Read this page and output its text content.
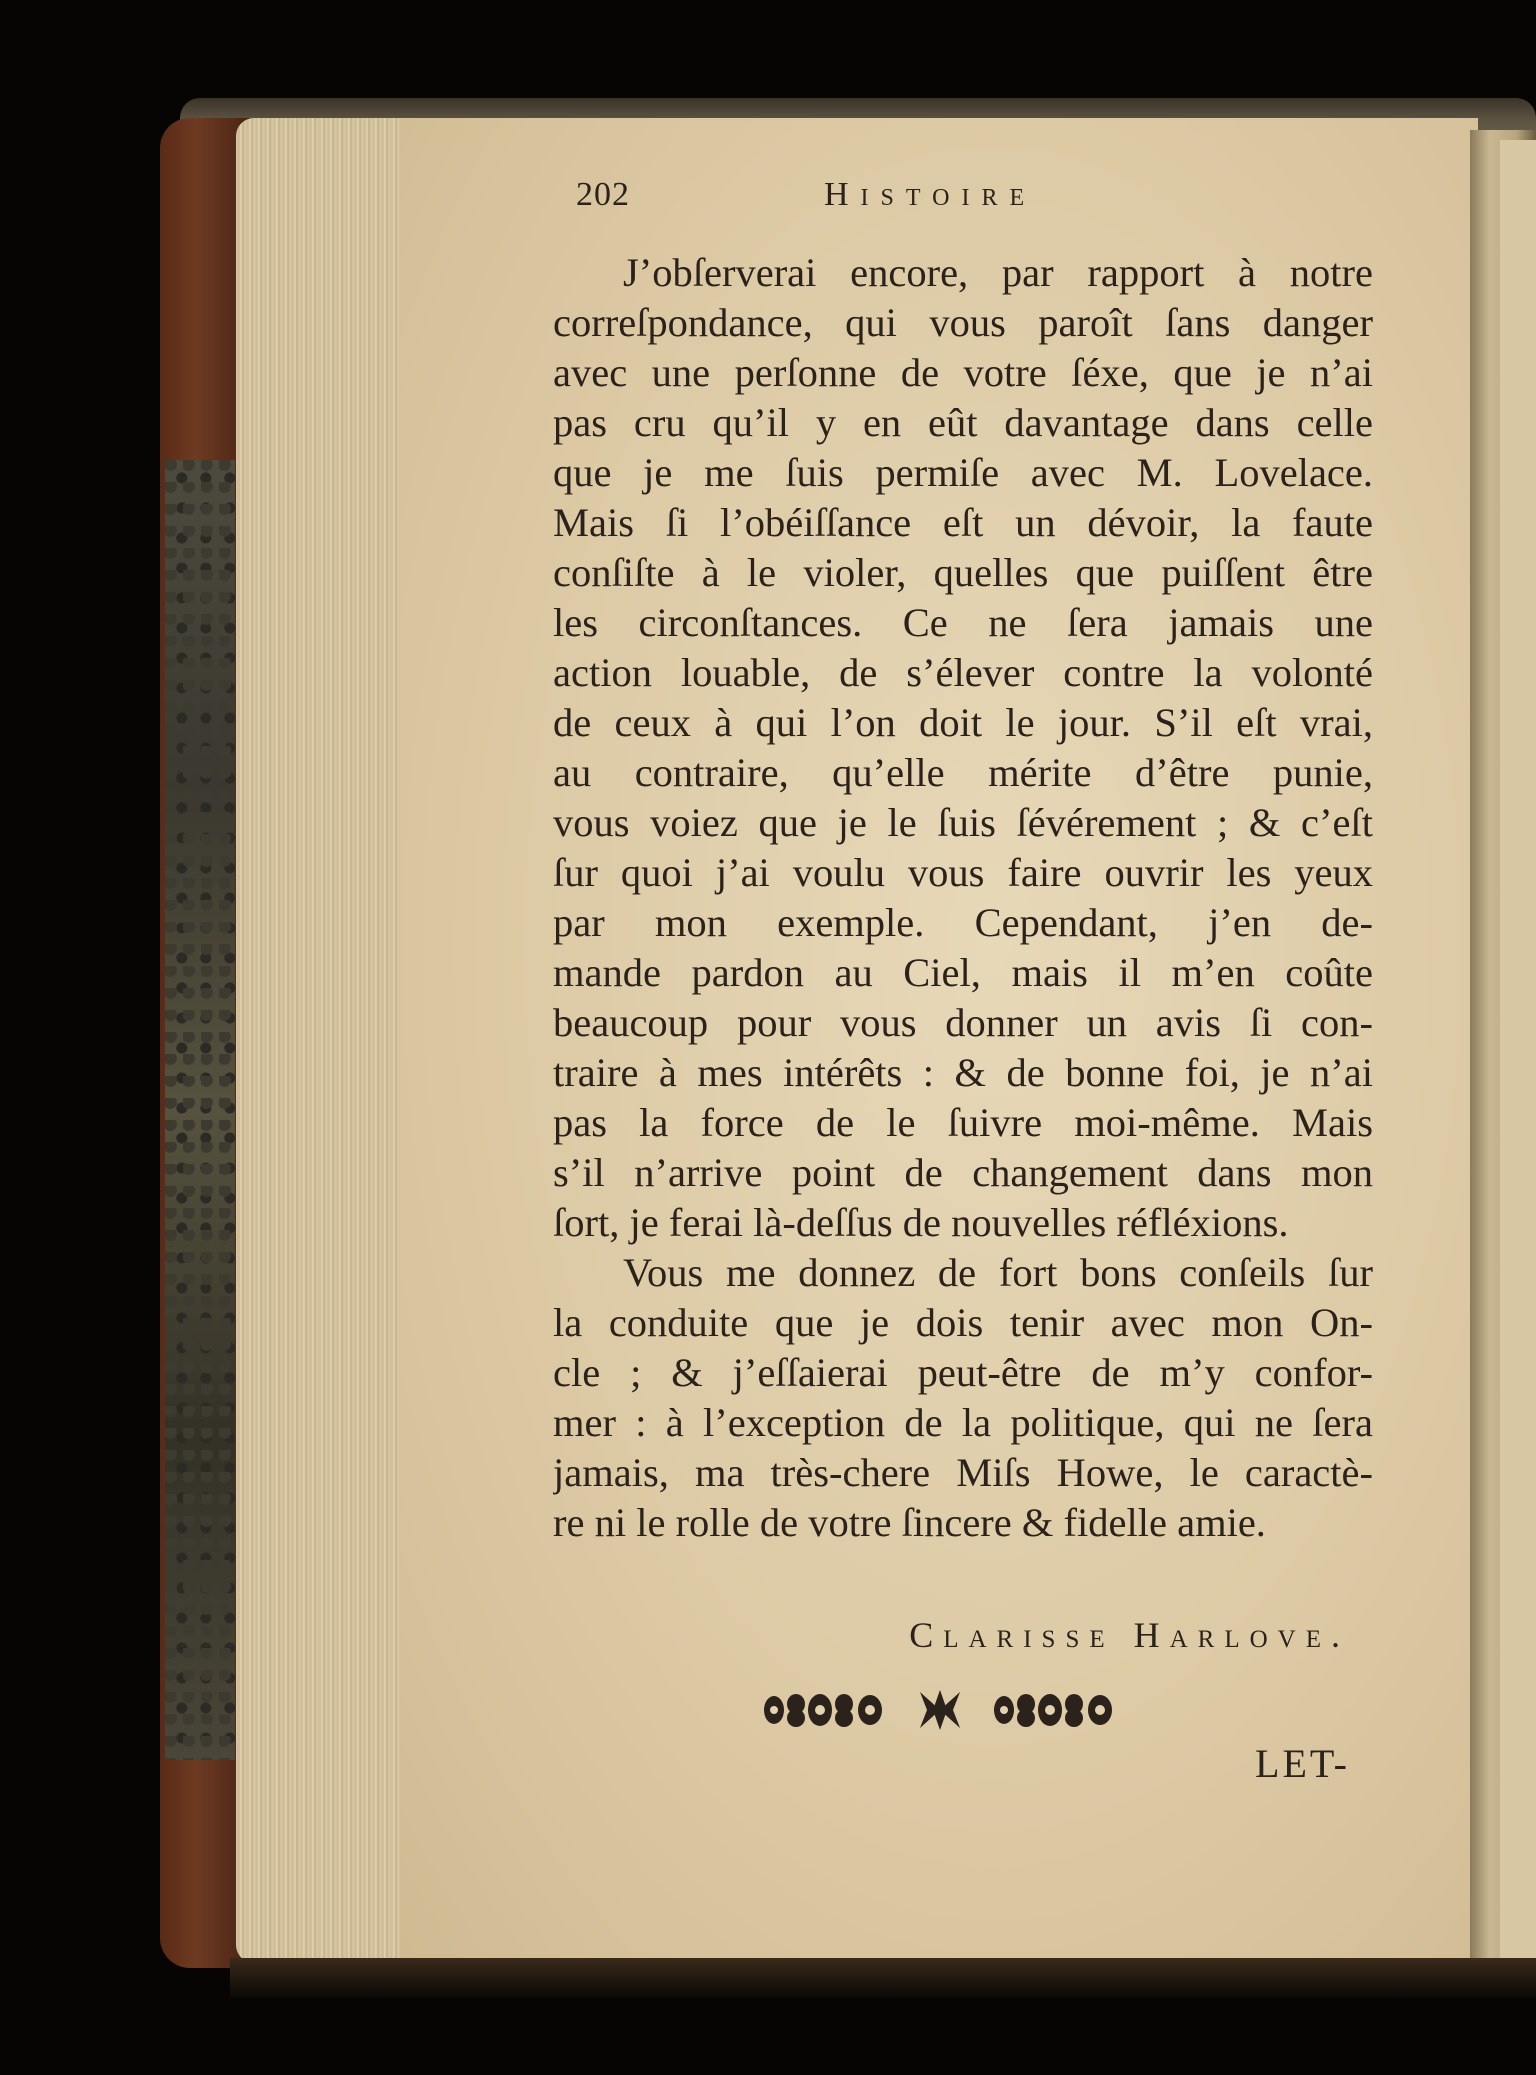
202	Histoire
J’obſerverai encore, par rapport à notre
correſpondance, qui vous paroît ſans danger
avec une perſonne de votre ſéxe, que je n’ai
pas cru qu’il y en eût davantage dans celle
que je me ſuis permiſe avec M. Lovelace.
Mais ſi l’obéiſſance eſt un dévoir, la faute
conſiſte à le violer, quelles que puiſſent être
les circonſtances. Ce ne ſera jamais une
action louable, de s’élever contre la volonté
de ceux à qui l’on doit le jour. S’il eſt vrai,
au contraire, qu’elle mérite d’être punie,
vous voiez que je le ſuis ſévérement ; & c’eſt
ſur quoi j’ai voulu vous faire ouvrir les yeux
par mon exemple. Cependant, j’en de-
mande pardon au Ciel, mais il m’en coûte
beaucoup pour vous donner un avis ſi con-
traire à mes intérêts : & de bonne foi, je n’ai
pas la force de le ſuivre moi-même. Mais
s’il n’arrive point de changement dans mon
ſort, je ferai là-deſſus de nouvelles réfléxions.
Vous me donnez de fort bons conſeils ſur
la conduite que je dois tenir avec mon On-
cle ; & j’eſſaierai peut-être de m’y confor-
mer : à l’exception de la politique, qui ne ſera
jamais, ma très-chere Miſs Howe, le caractè-
re ni le rolle de votre ſincere & fidelle amie.
Clarisse Harlove.
LET-
